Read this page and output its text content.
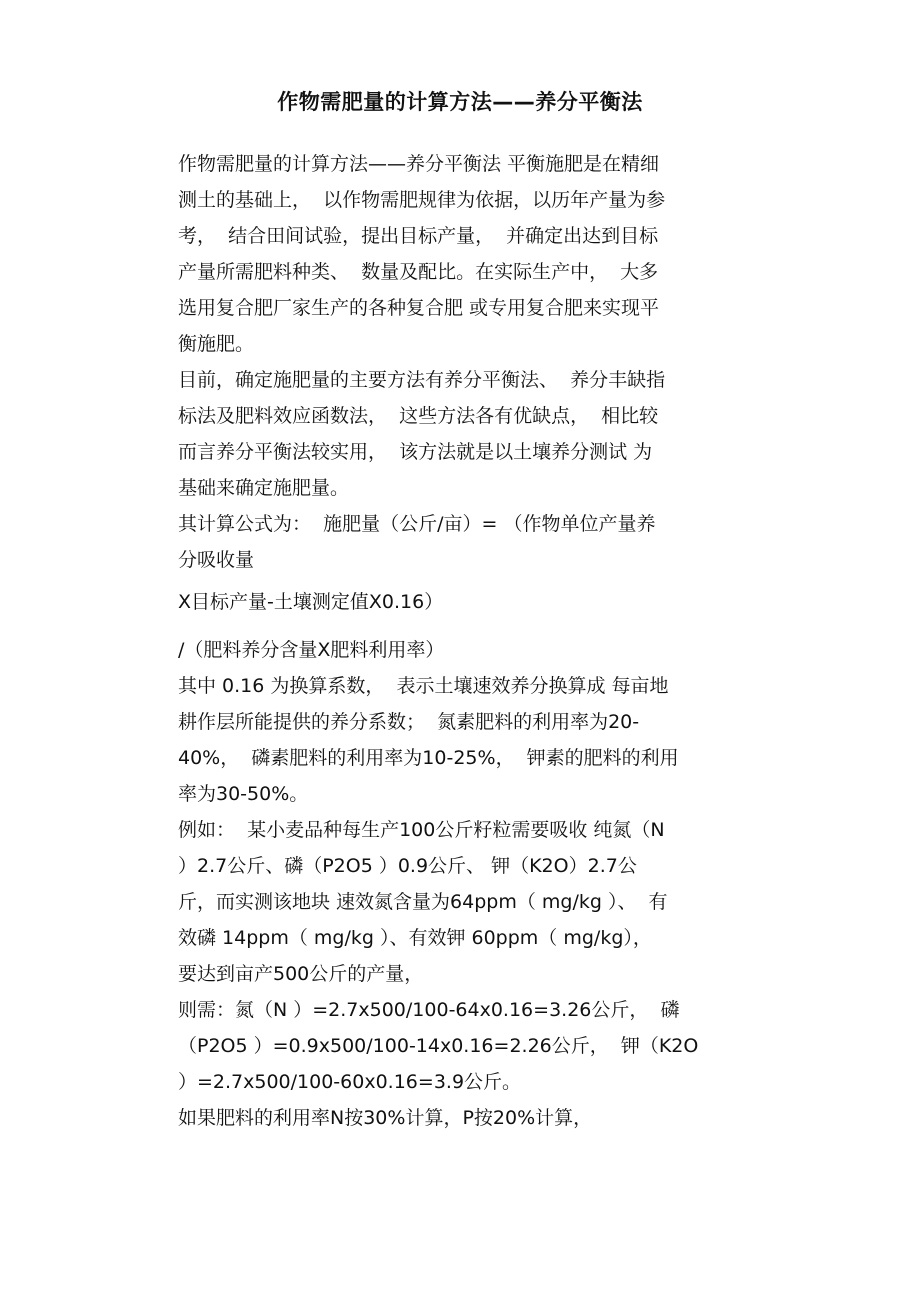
作物需肥量的计算方法——养分平衡法
作物需肥量的计算方法——养分平衡法 平衡施肥是在精细
测土的基础上，  以作物需肥规律为依据，以历年产量为参
考，  结合田间试验，提出目标产量，  并确定出达到目标
产量所需肥料种类、  数量及配比。在实际生产中，  大多
选用复合肥厂家生产的各种复合肥 或专用复合肥来实现平
衡施肥。
目前，确定施肥量的主要方法有养分平衡法、  养分丰缺指
标法及肥料效应函数法，  这些方法各有优缺点，  相比较
而言养分平衡法较实用，  该方法就是以土壤养分测试 为
基础来确定施肥量。
其计算公式为：  施肥量（公斤/亩）= （作物单位产量养
分吸收量
X目标产量-土壤测定值X0.16）
/（肥料养分含量X肥料利用率）
其中 0.16 为换算系数，  表示土壤速效养分换算成 每亩地
耕作层所能提供的养分系数；  氮素肥料的利用率为20-
40%，  磷素肥料的利用率为10-25%，  钾素的肥料的利用
率为30-50%。
例如：  某小麦品种每生产100公斤籽粒需要吸收 纯氮（N
）2.7公斤、磷（P2O5 ）0.9公斤、 钾（K2O）2.7公
斤，而实测该地块 速效氮含量为64ppm（ mg/kg ）、  有
效磷 14ppm（ mg/kg ）、有效钾 60ppm（ mg/kg），
要达到亩产500公斤的产量，
则需：氮（N ）=2.7x500/100-64x0.16=3.26公斤，  磷
（P2O5 ）=0.9x500/100-14x0.16=2.26公斤，  钾（K2O
）=2.7x500/100-60x0.16=3.9公斤。
如果肥料的利用率N按30%计算，P按20%计算，
